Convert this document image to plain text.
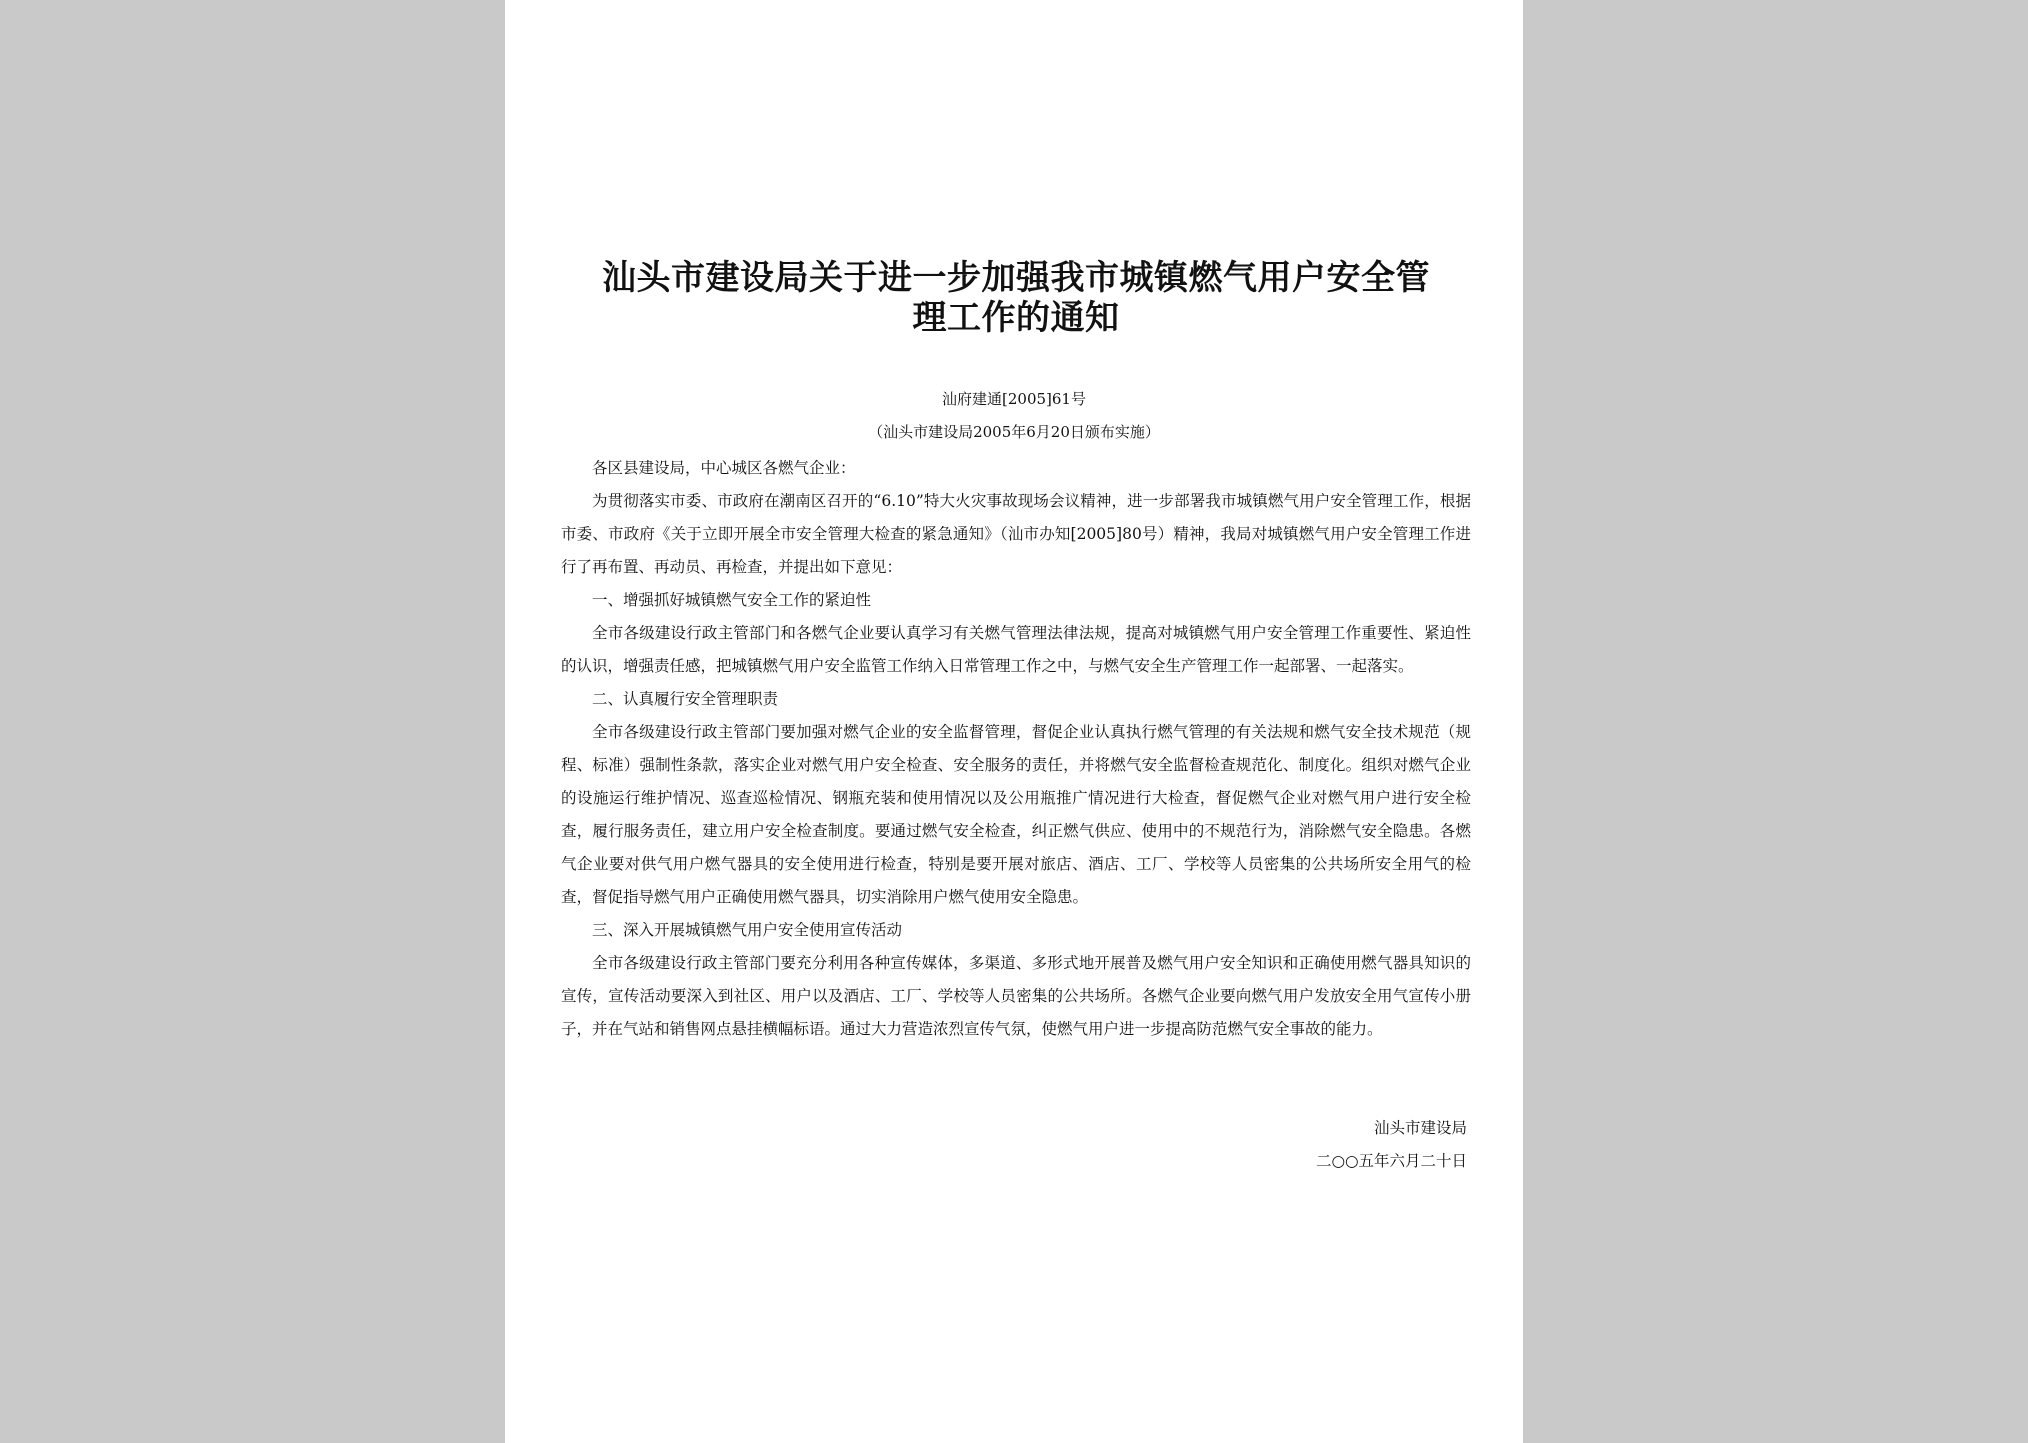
汕头市建设局关于进一步加强我市城镇燃气用户安全管理工作的通知
汕府建通[2005]61号
（汕头市建设局2005年6月20日颁布实施）

各区县建设局，中心城区各燃气企业：

为贯彻落实市委、市政府在潮南区召开的“6.10”特大火灾事故现场会议精神，进一步部署我市城镇燃气用户安全管理工作，根据市委、市政府《关于立即开展全市安全管理大检查的紧急通知》（汕市办知[2005]80号）精神，我局对城镇燃气用户安全管理工作进行了再布置、再动员、再检查，并提出如下意见：

一、增强抓好城镇燃气安全工作的紧迫性

全市各级建设行政主管部门和各燃气企业要认真学习有关燃气管理法律法规，提高对城镇燃气用户安全管理工作重要性、紧迫性的认识，增强责任感，把城镇燃气用户安全监管工作纳入日常管理工作之中，与燃气安全生产管理工作一起部署、一起落实。

二、认真履行安全管理职责

全市各级建设行政主管部门要加强对燃气企业的安全监督管理，督促企业认真执行燃气管理的有关法规和燃气安全技术规范（规程、标准）强制性条款，落实企业对燃气用户安全检查、安全服务的责任，并将燃气安全监督检查规范化、制度化。组织对燃气企业的设施运行维护情况、巡查巡检情况、钢瓶充装和使用情况以及公用瓶推广情况进行大检查，督促燃气企业对燃气用户进行安全检查，履行服务责任，建立用户安全检查制度。要通过燃气安全检查，纠正燃气供应、使用中的不规范行为，消除燃气安全隐患。各燃气企业要对供气用户燃气器具的安全使用进行检查，特别是要开展对旅店、酒店、工厂、学校等人员密集的公共场所安全用气的检查，督促指导燃气用户正确使用燃气器具，切实消除用户燃气使用安全隐患。

三、深入开展城镇燃气用户安全使用宣传活动

全市各级建设行政主管部门要充分利用各种宣传媒体，多渠道、多形式地开展普及燃气用户安全知识和正确使用燃气器具知识的宣传，宣传活动要深入到社区、用户以及酒店、工厂、学校等人员密集的公共场所。各燃气企业要向燃气用户发放安全用气宣传小册子，并在气站和销售网点悬挂横幅标语。通过大力营造浓烈宣传气氛，使燃气用户进一步提高防范燃气安全事故的能力。

汕头市建设局
二○○五年六月二十日
